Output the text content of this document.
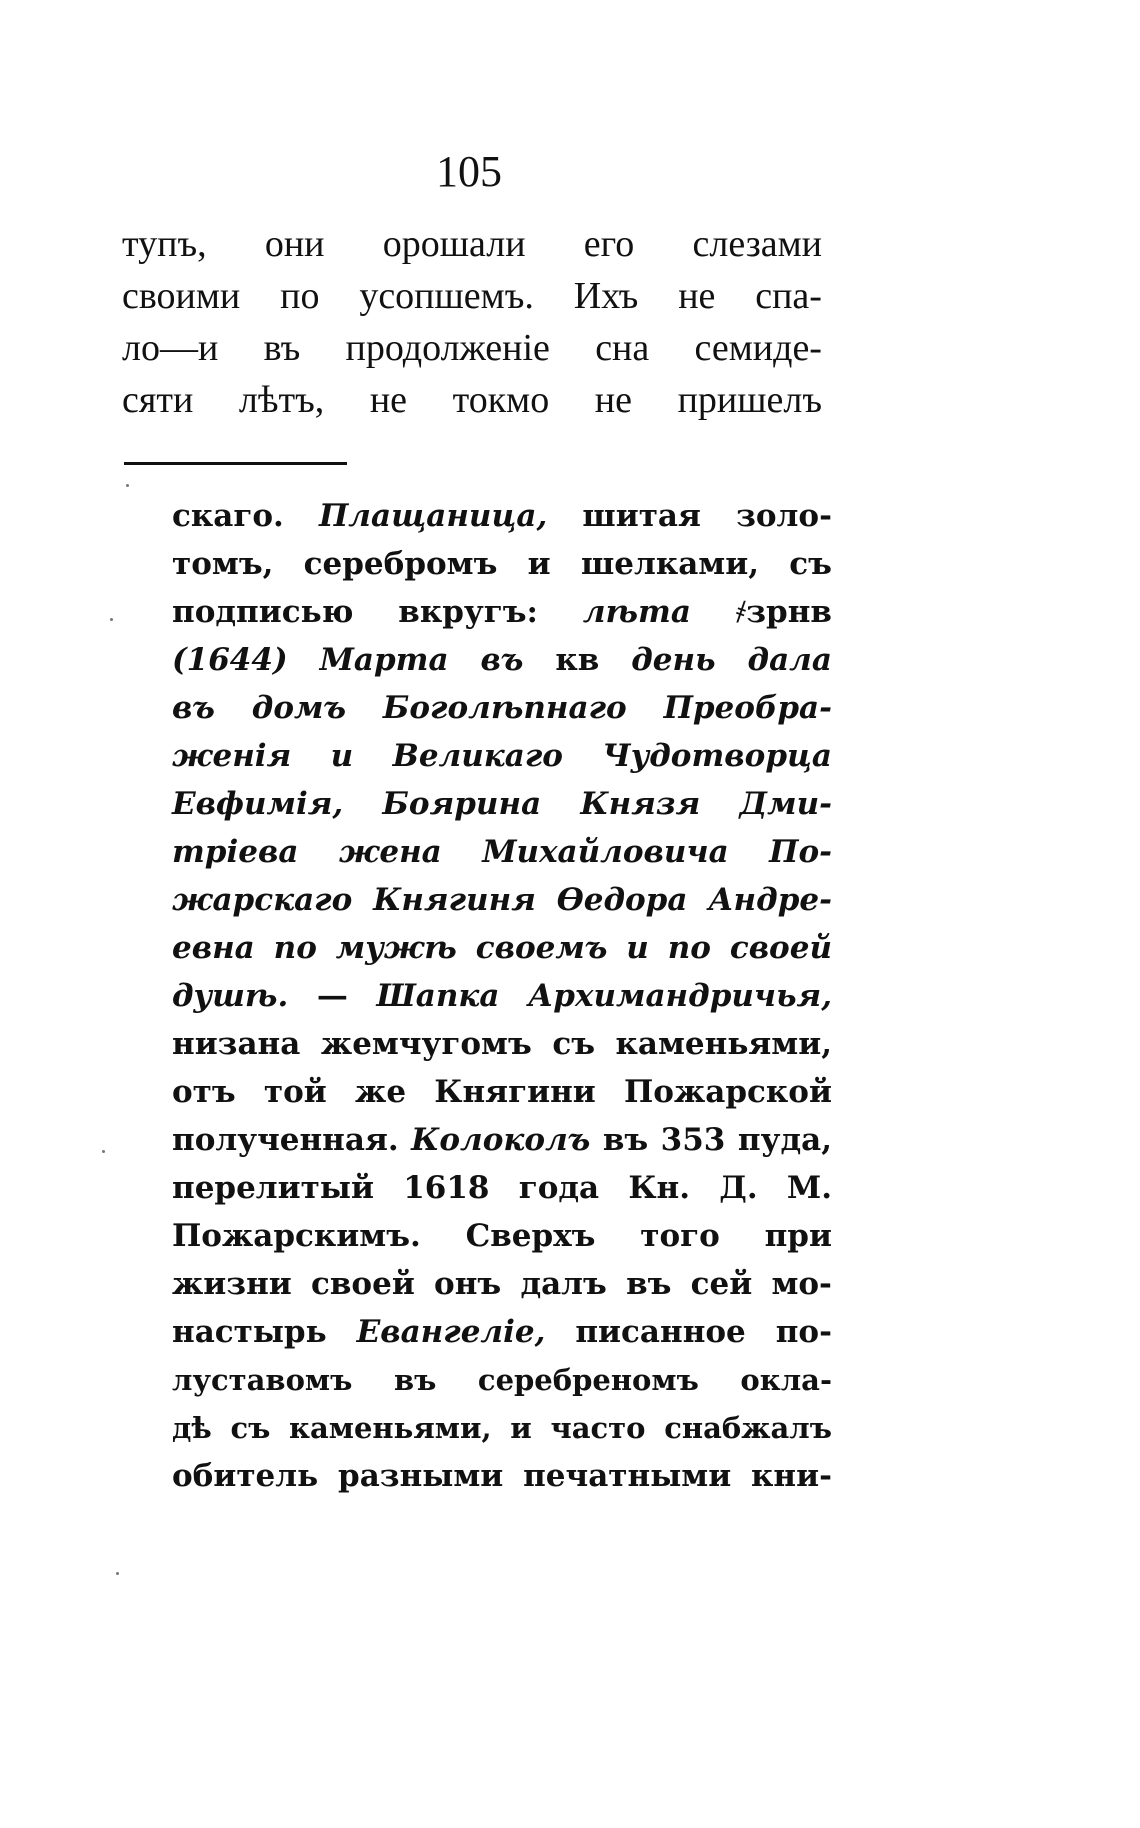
105
тупъ, они орошали его слезами
своими по усопшемъ. Ихъ не спа-
ло—и въ продолженіе сна семиде-
сяти лѣтъ, не токмо не пришелъ
скаго. Плащаница, шитая золо-
томъ, серебромъ и шелками, съ
подписью вкругъ: лѣта ҂зрнв
(1644) Марта въ кв день дала
въ домъ Боголѣпнаго Преобра-
женія и Великаго Чудотворца
Евфимія, Боярина Князя Дми-
тріева жена Михайловича По-
жарскаго Княгиня Ѳедора Андре-
евна по мужѣ своемъ и по своей
душѣ. — Шапка Архимандричья,
низана жемчугомъ съ каменьями,
отъ той же Княгини Пожарской
полученная. Колоколъ въ 353 пуда,
перелитый 1618 года Кн. Д. М.
Пожарскимъ. Сверхъ того при
жизни своей онъ далъ въ сей мо-
настырь Евангеліе, писанное по-
луставомъ въ серебреномъ окла-
дѣ съ каменьями, и часто снабжалъ
обитель разными печатными кни-
